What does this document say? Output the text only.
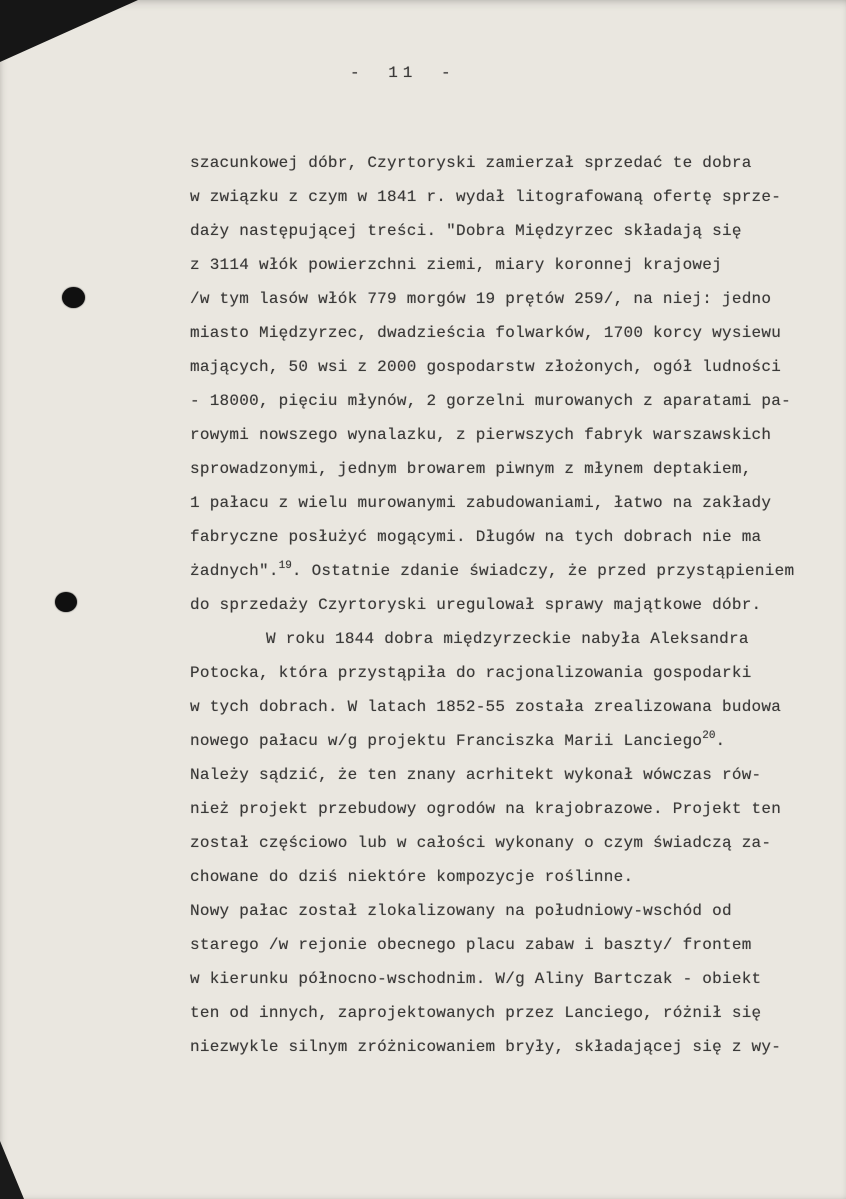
- 11 -
szacunkowej dóbr, Czyrtoryski zamierzał sprzedać te dobra
w związku z czym w 1841 r. wydał litografowaną ofertę sprze-
daży następującej treści. "Dobra Międzyrzec składają się
z 3114 włók powierzchni ziemi, miary koronnej krajowej
/w tym lasów włók 779 morgów 19 prętów 259/, na niej: jedno
miasto Międzyrzec, dwadzieścia folwarków, 1700 korcy wysiewu
mających, 50 wsi z 2000 gospodarstw złożonych, ogół ludności
- 18000, pięciu młynów, 2 gorzelni murowanych z aparatami pa-
rowymi nowszego wynalazku, z pierwszych fabryk warszawskich
sprowadzonymi, jednym browarem piwnym z młynem deptakiem,
1 pałacu z wielu murowanymi zabudowaniami, łatwo na zakłady
fabryczne posłużyć mogącymi. Długów na tych dobrach nie ma
żadnych".$^{19}$. Ostatnie zdanie świadczy, że przed przystąpieniem
do sprzedaży Czyrtoryski uregulował sprawy majątkowe dóbr.
W roku 1844 dobra międzyrzeckie nabyła Aleksandra
Potocka, która przystąpiła do racjonalizowania gospodarki
w tych dobrach. W latach 1852-55 została zrealizowana budowa
nowego pałacu w/g projektu Franciszka Marii Lanciego$^{20}$.
Należy sądzić, że ten znany acrhitekt wykonał wówczas rów-
nież projekt przebudowy ogrodów na krajobrazowe. Projekt ten
został częściowo lub w całości wykonany o czym świadczą za-
chowane do dziś niektóre kompozycje roślinne.
Nowy pałac został zlokalizowany na południowy-wschód od
starego /w rejonie obecnego placu zabaw i baszty/ frontem
w kierunku północno-wschodnim. W/g Aliny Bartczak - obiekt
ten od innych, zaprojektowanych przez Lanciego, różnił się
niezwykle silnym zróżnicowaniem bryły, składającej się z wy-
